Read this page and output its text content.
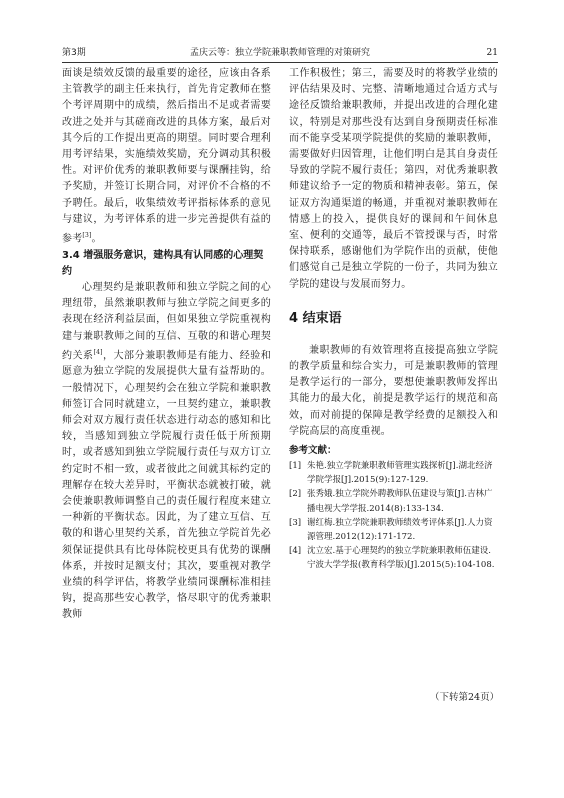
第3期	孟庆云等：独立学院兼职教师管理的对策研究	21

面谈是绩效反馈的最重要的途径，应该由各系主管教学的副主任来执行，首先肯定教师在整个考评周期中的成绩，然后指出不足或者需要改进之处并与其磋商改进的具体方案，最后对其今后的工作提出更高的期望。同时要合理利用考评结果，实施绩效奖励，充分调动其积极性。对评价优秀的兼职教师要与课酬挂钩，给予奖励，并签订长期合同，对评价不合格的不予聘任。最后，收集绩效考评指标体系的意见与建议，为考评体系的进一步完善提供有益的参考[3]。

3.4 增强服务意识，建构具有认同感的心理契约

心理契约是兼职教师和独立学院之间的心理纽带，虽然兼职教师与独立学院之间更多的表现在经济利益层面，但如果独立学院重视构建与兼职教师之间的互信、互敬的和谐心理契约关系[4]，大部分兼职教师是有能力、经验和愿意为独立学院的发展提供大量有益帮助的。一般情况下，心理契约会在独立学院和兼职教师签订合同时就建立，一旦契约建立，兼职教师会对双方履行责任状态进行动态的感知和比较，当感知到独立学院履行责任低于所预期时，或者感知到独立学院履行责任与双方订立约定时不相一致，或者彼此之间就其标约定的理解存在较大差异时，平衡状态就被打破，就会使兼职教师调整自己的责任履行程度来建立一种新的平衡状态。因此，为了建立互信、互敬的和谐心里契约关系，首先独立学院首先必须保证提供具有比母体院校更具有优势的课酬体系，并按时足额支付；其次，要重视对教学业绩的科学评估，将教学业绩同课酬标准相挂钩，提高那些安心教学，恪尽职守的优秀兼职教师

工作积极性；第三，需要及时的将教学业绩的评估结果及时、完整、清晰地通过合适方式与途径反馈给兼职教师，并提出改进的合理化建议，特别是对那些没有达到自身预期责任标准而不能享受某项学院提供的奖励的兼职教师，需要做好归因管理，让他们明白是其自身责任导致的学院不履行责任；第四，对优秀兼职教师建议给予一定的物质和精神表彰。第五，保证双方沟通渠道的畅通，并重视对兼职教师在情感上的投入，提供良好的课间和午间休息室、便利的交通等，最后不管授课与否，时常保持联系，感谢他们为学院作出的贡献，使他们感觉自己是独立学院的一份子，共同为独立学院的建设与发展而努力。

4 结束语

兼职教师的有效管理将直接提高独立学院的教学质量和综合实力，可是兼职教师的管理是教学运行的一部分，要想使兼职教师发挥出其能力的最大化，前提是教学运行的规范和高效，而对前提的保障是教学经费的足额投入和学院高层的高度重视。

参考文献：

[1] 朱艳.独立学院兼职教师管理实践探析[J].湖北经济学院学报[J].2015(9):127-129.
[2] 张秀娥.独立学院外聘教师队伍建设与策[J].吉林广播电视大学学报.2014(8):133-134.
[3] 谢红梅.独立学院兼职教师绩效考评体系[J].人力资源管理.2012(12):171-172.
[4] 沈立宏.基于心理契约的独立学院兼职教师伍建设.宁波大学学报(教育科学版)[J].2015(5):104-108.
（下转第24页）
